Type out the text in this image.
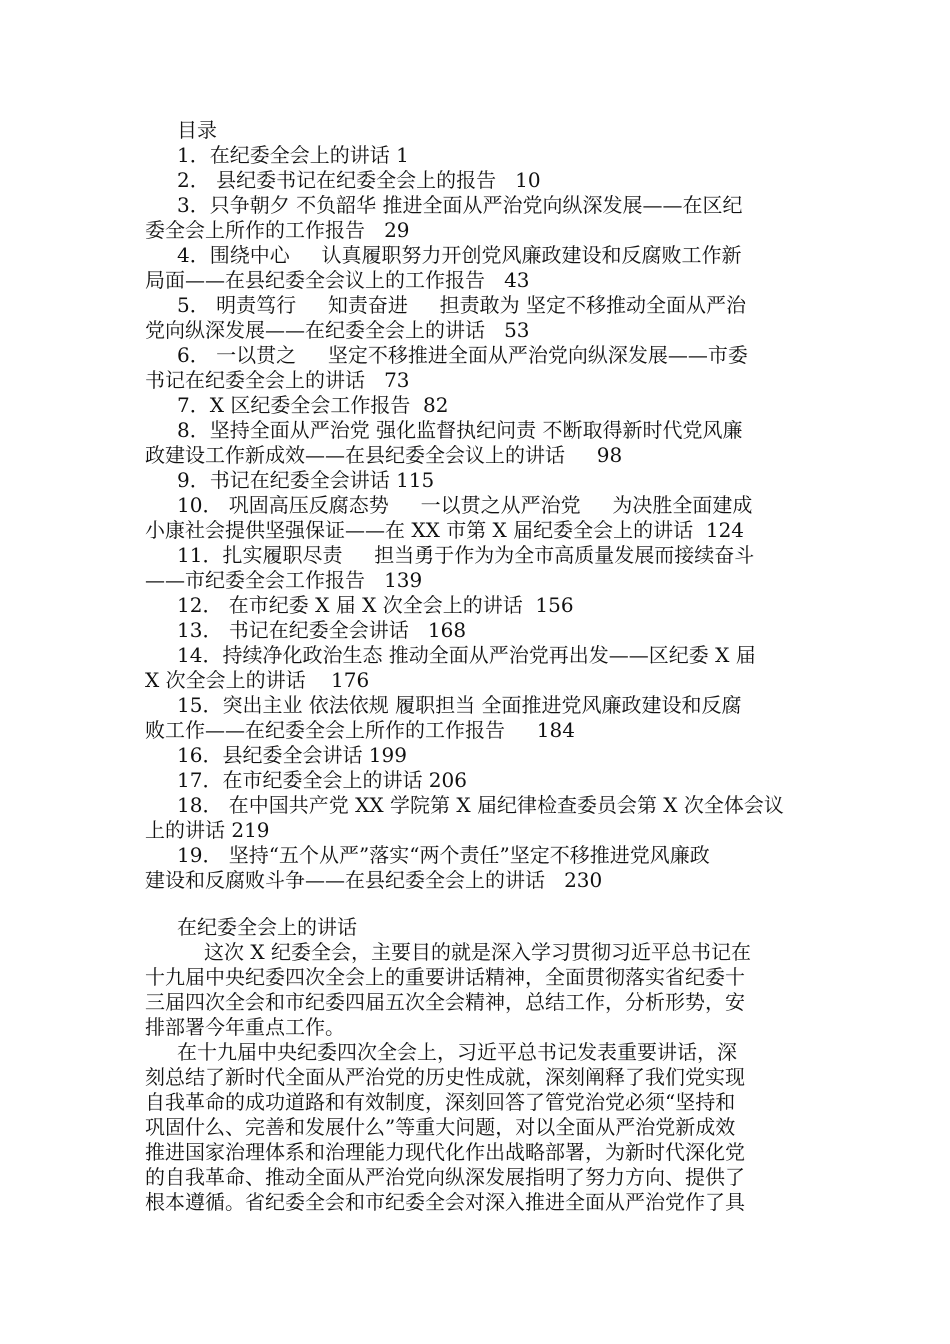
目录
1．在纪委全会上的讲话 1
2． 县纪委书记在纪委全会上的报告   10
3．只争朝夕 不负韶华 推进全面从严治党向纵深发展——在区纪
委全会上所作的工作报告   29
4．围绕中心     认真履职努力开创党风廉政建设和反腐败工作新
局面——在县纪委全会议上的工作报告   43
5． 明责笃行     知责奋进     担责敢为 坚定不移推动全面从严治
党向纵深发展——在纪委全会上的讲话   53
6． 一以贯之     坚定不移推进全面从严治党向纵深发展——市委
书记在纪委全会上的讲话   73
7．X 区纪委全会工作报告  82
8．坚持全面从严治党 强化监督执纪问责 不断取得新时代党风廉
政建设工作新成效——在县纪委全会议上的讲话     98
9．书记在纪委全会讲话 115
10． 巩固高压反腐态势     一以贯之从严治党     为决胜全面建成
小康社会提供坚强保证——在 XX 市第 X 届纪委全会上的讲话  124
11．扎实履职尽责     担当勇于作为为全市高质量发展而接续奋斗
——市纪委全会工作报告   139
12． 在市纪委 X 届 X 次全会上的讲话  156
13． 书记在纪委全会讲话   168
14．持续净化政治生态 推动全面从严治党再出发——区纪委 X 届
X 次全会上的讲话    176
15．突出主业 依法依规 履职担当 全面推进党风廉政建设和反腐
败工作——在纪委全会上所作的工作报告     184
16．县纪委全会讲话 199
17．在市纪委全会上的讲话 206
18． 在中国共产党 XX 学院第 X 届纪律检查委员会第 X 次全体会议
上的讲话 219
19． 坚持“五个从严”落实“两个责任”坚定不移推进党风廉政
建设和反腐败斗争——在县纪委全会上的讲话   230
在纪委全会上的讲话
这次 X 纪委全会，主要目的就是深入学习贯彻习近平总书记在
十九届中央纪委四次全会上的重要讲话精神，全面贯彻落实省纪委十
三届四次全会和市纪委四届五次全会精神，总结工作，分析形势，安
排部署今年重点工作。
在十九届中央纪委四次全会上，习近平总书记发表重要讲话，深
刻总结了新时代全面从严治党的历史性成就，深刻阐释了我们党实现
自我革命的成功道路和有效制度，深刻回答了管党治党必须“坚持和
巩固什么、完善和发展什么”等重大问题，对以全面从严治党新成效
推进国家治理体系和治理能力现代化作出战略部署，为新时代深化党
的自我革命、推动全面从严治党向纵深发展指明了努力方向、提供了
根本遵循。省纪委全会和市纪委全会对深入推进全面从严治党作了具
